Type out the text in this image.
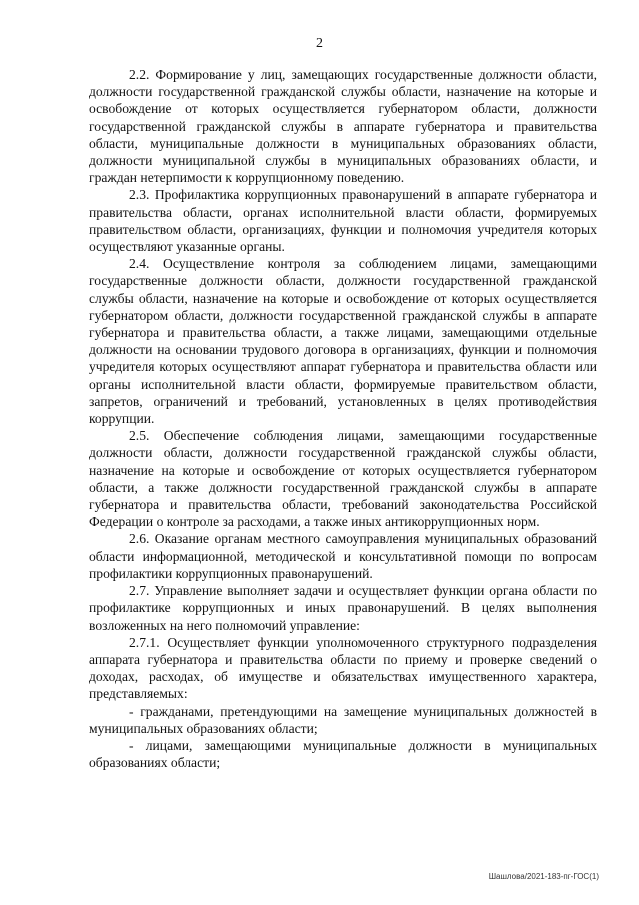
2

2.2. Формирование у лиц, замещающих государственные должности области, должности государственной гражданской службы области, назначение на которые и освобождение от которых осуществляется губернатором области, должности государственной гражданской службы в аппарате губернатора и правительства области, муниципальные должности в муниципальных образованиях области, должности муниципальной службы в муниципальных образованиях области, и граждан нетерпимости к коррупционному поведению.

2.3. Профилактика коррупционных правонарушений в аппарате губернатора и правительства области, органах исполнительной власти области, формируемых правительством области, организациях, функции и полномочия учредителя которых осуществляют указанные органы.

2.4. Осуществление контроля за соблюдением лицами, замещающими государственные должности области, должности государственной гражданской службы области, назначение на которые и освобождение от которых осуществляется губернатором области, должности государственной гражданской службы в аппарате губернатора и правительства области, а также лицами, замещающими отдельные должности на основании трудового договора в организациях, функции и полномочия учредителя которых осуществляют аппарат губернатора и правительства области или органы исполнительной власти области, формируемые правительством области, запретов, ограничений и требований, установленных в целях противодействия коррупции.

2.5. Обеспечение соблюдения лицами, замещающими государственные должности области, должности государственной гражданской службы области, назначение на которые и освобождение от которых осуществляется губернатором области, а также должности государственной гражданской службы в аппарате губернатора и правительства области, требований законодательства Российской Федерации о контроле за расходами, а также иных антикоррупционных норм.

2.6. Оказание органам местного самоуправления муниципальных образований области информационной, методической и консультативной помощи по вопросам профилактики коррупционных правонарушений.

2.7. Управление выполняет задачи и осуществляет функции органа области по профилактике коррупционных и иных правонарушений. В целях выполнения возложенных на него полномочий управление:

2.7.1. Осуществляет функции уполномоченного структурного подразделения аппарата губернатора и правительства области по приему и проверке сведений о доходах, расходах, об имуществе и обязательствах имущественного характера, представляемых:

- гражданами, претендующими на замещение муниципальных должностей в муниципальных образованиях области;

- лицами, замещающими муниципальные должности в муниципальных образованиях области;

Шашлова/2021-183-пг-ГОС(1)
